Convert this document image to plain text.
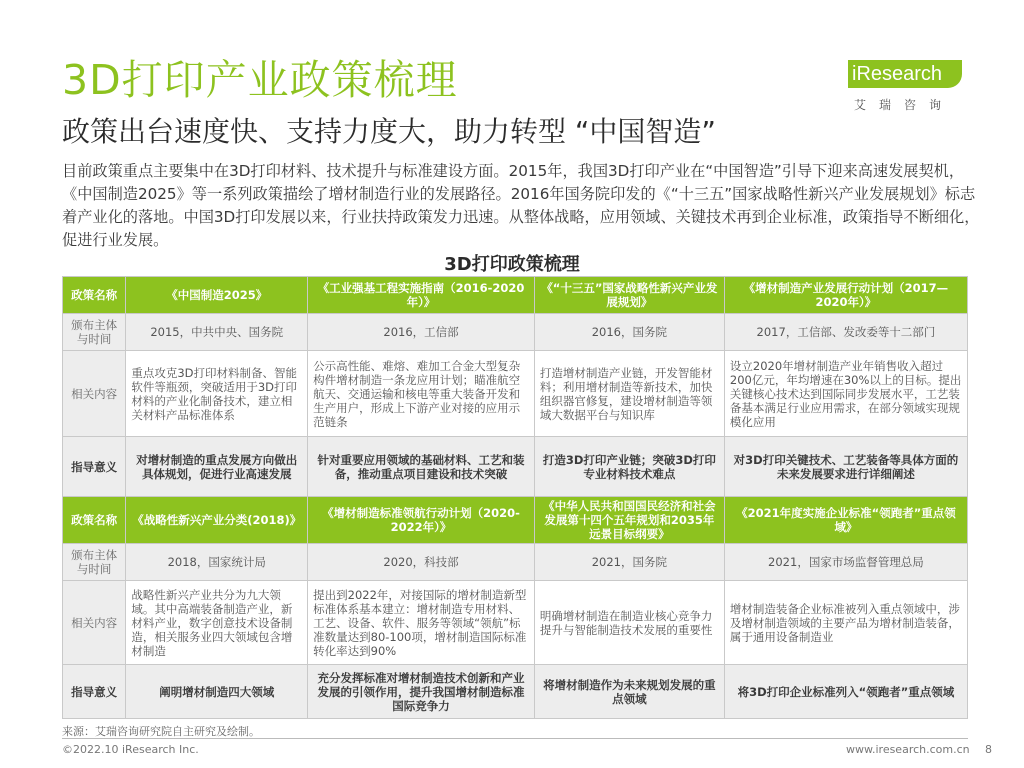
3D打印产业政策梳理
政策出台速度快、支持力度大，助力转型 “中国智造”
iResearch
艾瑞咨询
目前政策重点主要集中在3D打印材料、技术提升与标准建设方面。2015年，我国3D打印产业在“中国智造”引导下迎来高速发展契机，《中国制造2025》等一系列政策描绘了增材制造行业的发展路径。2016年国务院印发的《“十三五”国家战略性新兴产业发展规划》标志着产业化的落地。中国3D打印发展以来，行业扶持政策发力迅速。从整体战略，应用领域、关键技术再到企业标准，政策指导不断细化，促进行业发展。
3D打印政策梳理
政策名称	《中国制造2025》	《工业强基工程实施指南（2016-2020年）》	《“十三五”国家战略性新兴产业发展规划》	《增材制造产业发展行动计划（2017—2020年）》
颁布主体与时间	2015，中共中央、国务院	2016，工信部	2016，国务院	2017，工信部、发改委等十二部门
相关内容	重点攻克3D打印材料制备、智能软件等瓶颈，突破适用于3D打印材料的产业化制备技术，建立相关材料产品标准体系	公示高性能、难熔、难加工合金大型复杂构件增材制造一条龙应用计划；瞄准航空航天、交通运输和核电等重大装备开发和生产用户，形成上下游产业对接的应用示范链条	打造增材制造产业链，开发智能材料；利用增材制造等新技术，加快组织器官修复，建设增材制造等领域大数据平台与知识库	设立2020年增材制造产业年销售收入超过200亿元，年均增速在30%以上的目标。提出关键核心技术达到国际同步发展水平，工艺装备基本满足行业应用需求，在部分领域实现规模化应用
指导意义	对增材制造的重点发展方向做出具体规划，促进行业高速发展	针对重要应用领域的基础材料、工艺和装备，推动重点项目建设和技术突破	打造3D打印产业链；突破3D打印专业材料技术难点	对3D打印关键技术、工艺装备等具体方面的未来发展要求进行详细阐述
政策名称	《战略性新兴产业分类(2018)》	《增材制造标准领航行动计划（2020-2022年）》	《中华人民共和国国民经济和社会发展第十四个五年规划和2035年远景目标纲要》	《2021年度实施企业标准“领跑者”重点领域》
颁布主体与时间	2018，国家统计局	2020，科技部	2021，国务院	2021，国家市场监督管理总局
相关内容	战略性新兴产业共分为九大领域。其中高端装备制造产业，新材料产业，数字创意技术设备制造，相关服务业四大领域包含增材制造	提出到2022年，对接国际的增材制造新型标准体系基本建立：增材制造专用材料、工艺、设备、软件、服务等领域“领航”标准数量达到80-100项，增材制造国际标准转化率达到90%	明确增材制造在制造业核心竞争力提升与智能制造技术发展的重要性	增材制造装备企业标准被列入重点领域中，涉及增材制造领域的主要产品为增材制造装备，属于通用设备制造业
指导意义	阐明增材制造四大领域	充分发挥标准对增材制造技术创新和产业发展的引领作用，提升我国增材制造标准国际竞争力	将增材制造作为未来规划发展的重点领域	将3D打印企业标准列入“领跑者”重点领域
来源：艾瑞咨询研究院自主研究及绘制。
©2022.10 iResearch Inc.	www.iresearch.com.cn 8
